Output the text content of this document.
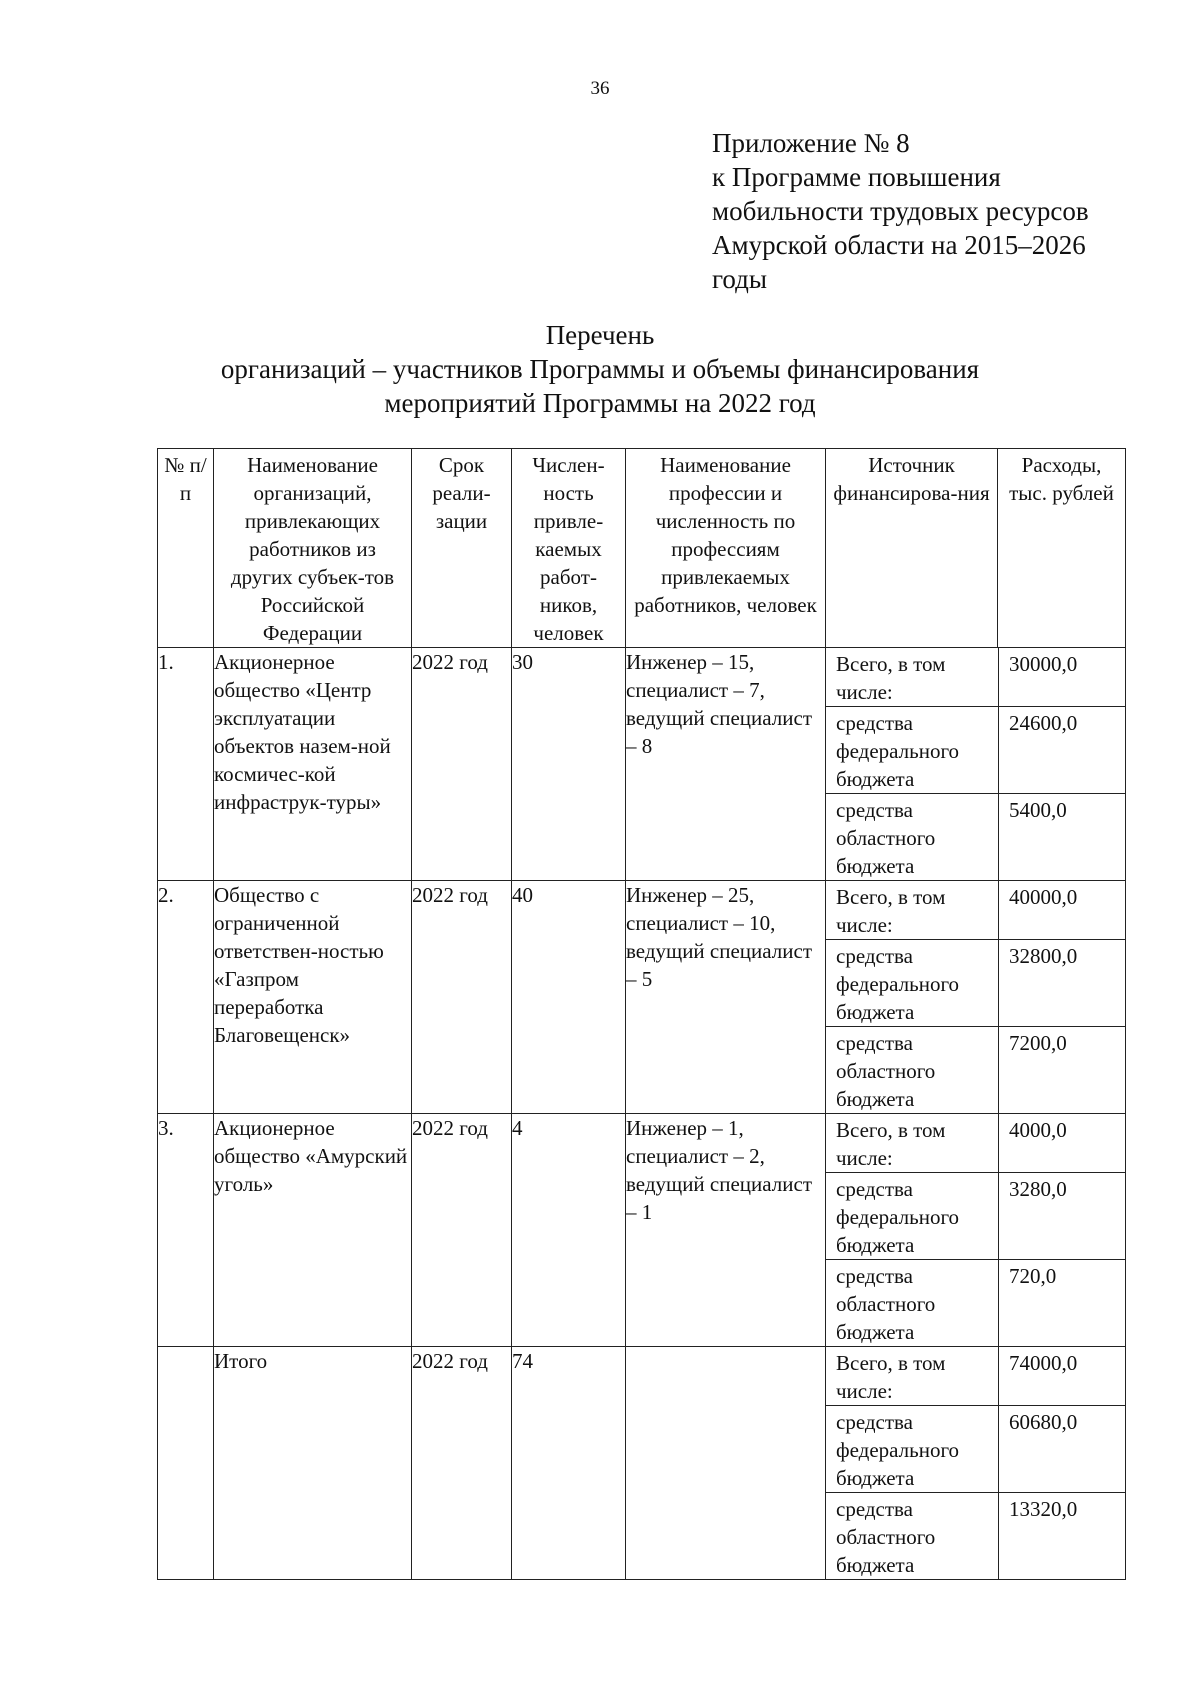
36
Приложение № 8
к Программе повышения
мобильности трудовых ресурсов
Амурской области на 2015–2026
годы
Перечень
организаций – участников Программы и объемы финансирования
мероприятий Программы на 2022 год
№ п/п	Наименование организаций, привлекающих работников из других субъек-тов Российской Федерации	Срок реали-зации	Числен-ность привле-каемых работ-ников, человек	Наименование профессии и численность по профессиям привлекаемых работников, человек	Источник финансирова-ния	Расходы, тыс. рублей
1.	Акционерное общество «Центр эксплуатации объектов назем-ной космичес-кой инфраструк-туры»	2022 год	30	Инженер – 15, специалист – 7, ведущий специалист – 8	
Всего, в том числе:	30000,0
средства федерального бюджета	24600,0
средства областного бюджета	5400,0

2.	Общество с ограниченной ответствен-ностью «Газпром переработка Благовещенск»	2022 год	40	Инженер – 25, специалист – 10, ведущий специалист – 5	
Всего, в том числе:	40000,0
средства федерального бюджета	32800,0
средства областного бюджета	7200,0

3.	Акционерное общество «Амурский уголь»	2022 год	4	Инженер – 1, специалист – 2, ведущий специалист – 1	
Всего, в том числе:	4000,0
средства федерального бюджета	3280,0
средства областного бюджета	720,0

	Итого	2022 год	74			Всего, в том числе:	74000,0
средства федерального бюджета	60680,0
средства областного бюджета	13320,0
